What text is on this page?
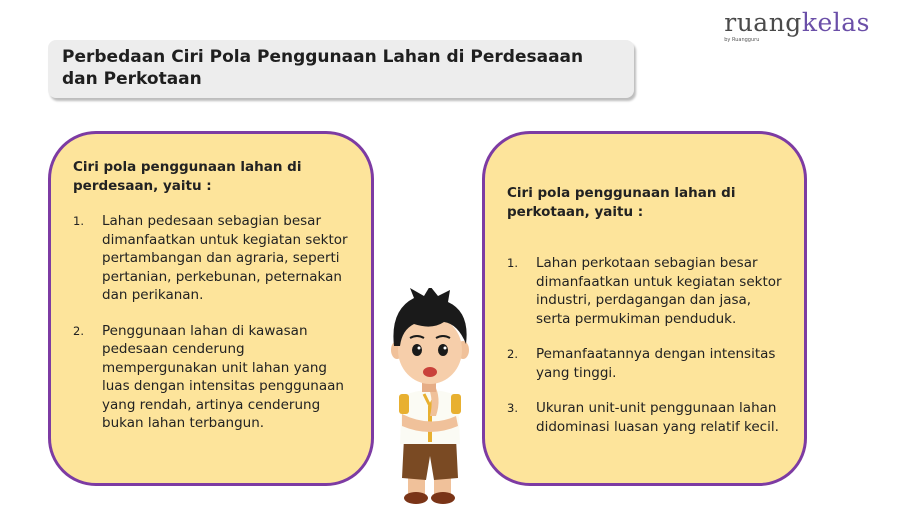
ruangkelas
by Ruangguru
Perbedaan Ciri Pola Penggunaan Lahan di Perdesaaan dan Perkotaan
Ciri pola penggunaan lahan di perdesaan, yaitu :
1.	Lahan pedesaan sebagian besar dimanfaatkan untuk kegiatan sektor pertambangan dan agraria, seperti pertanian, perkebunan, peternakan dan perikanan.
2.	Penggunaan lahan di kawasan pedesaan cenderung mempergunakan unit lahan yang luas dengan intensitas penggunaan yang rendah, artinya cenderung bukan lahan terbangun.
Ciri pola penggunaan lahan di perkotaan, yaitu :
1.	Lahan perkotaan sebagian besar dimanfaatkan untuk kegiatan sektor industri, perdagangan dan jasa, serta permukiman penduduk.
2.	Pemanfaatannya dengan intensitas yang tinggi.
3.	Ukuran unit-unit penggunaan lahan didominasi luasan yang relatif kecil.
